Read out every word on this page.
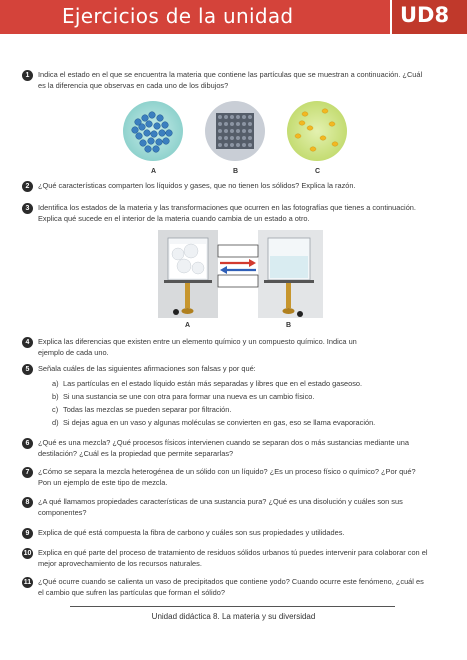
Ejercicios de la unidad	UD8
1	Indica el estado en el que se encuentra la materia que contiene las partículas que se muestran a continuación. ¿Cuál es la diferencia que observas en cada uno de los dibujos?
A	B	C
2	¿Qué características comparten los líquidos y gases, que no tienen los sólidos? Explica la razón.
3	Identifica los estados de la materia y las transformaciones que ocurren en las fotografías que tienes a continuación. Explica qué sucede en el interior de la materia cuando cambia de un estado a otro.
A	B
4	Explica las diferencias que existen entre un elemento químico y un compuesto químico. Indica un ejemplo de cada uno.
5	Señala cuáles de las siguientes afirmaciones son falsas y por qué:
a) Las partículas en el estado líquido están más separadas y libres que en el estado gaseoso.
b) Si una sustancia se une con otra para formar una nueva es un cambio físico.
c) Todas las mezclas se pueden separar por filtración.
d) Si dejas agua en un vaso y algunas moléculas se convierten en gas, eso se llama evaporación.
6	¿Qué es una mezcla? ¿Qué procesos físicos intervienen cuando se separan dos o más sustancias mediante una destilación? ¿Cuál es la propiedad que permite separarlas?
7	¿Cómo se separa la mezcla heterogénea de un sólido con un líquido? ¿Es un proceso físico o químico? ¿Por qué? Pon un ejemplo de este tipo de mezcla.
8	¿A qué llamamos propiedades características de una sustancia pura? ¿Qué es una disolución y cuáles son sus componentes?
9	Explica de qué está compuesta la fibra de carbono y cuáles son sus propiedades y utilidades.
10 Explica en qué parte del proceso de tratamiento de residuos sólidos urbanos tú puedes intervenir para colaborar con el mejor aprovechamiento de los recursos naturales.
11 ¿Qué ocurre cuando se calienta un vaso de precipitados que contiene yodo? Cuando ocurre este fenómeno, ¿cuál es el cambio que sufren las partículas que forman el sólido?
Unidad didáctica 8. La materia y su diversidad
